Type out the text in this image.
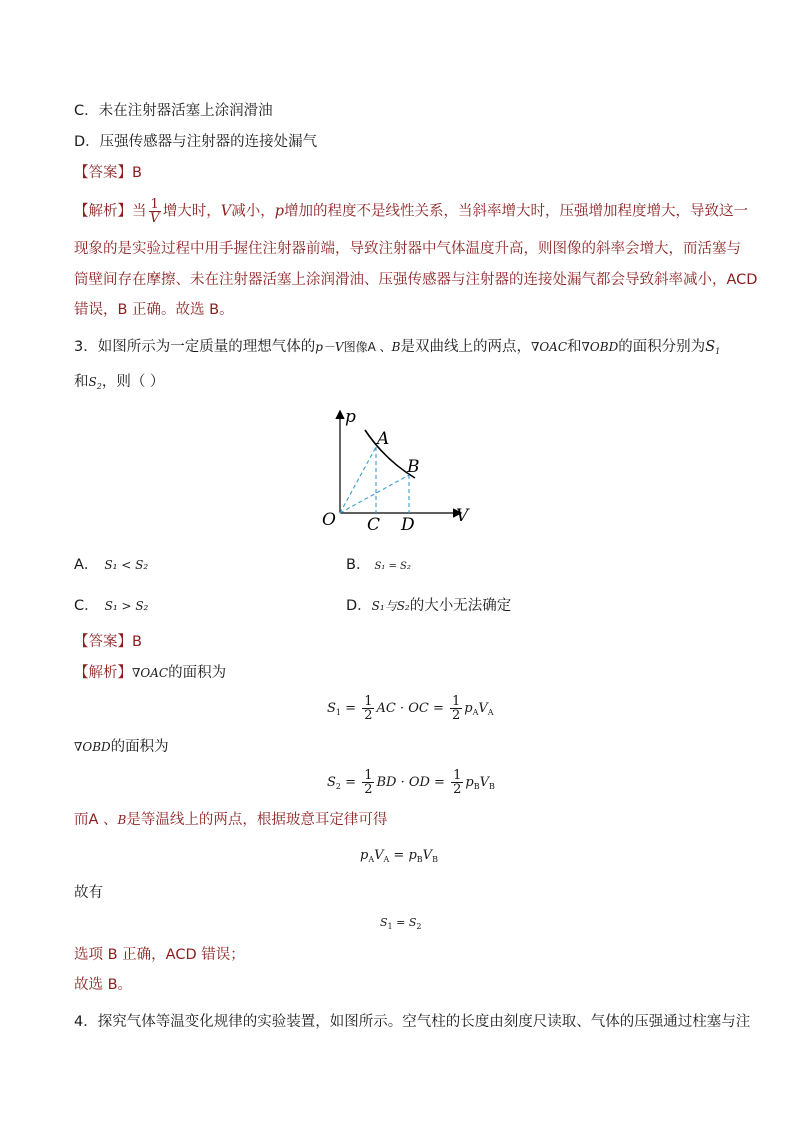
C．未在注射器活塞上涂润滑油
D．压强传感器与注射器的连接处漏气
【答案】B
【解析】当 $\frac{1}{V}$ 增大时，V减小，p增加的程度不是线性关系，当斜率增大时，压强增加程度增大，导致这一
现象的是实验过程中用手握住注射器前端，导致注射器中气体温度升高，则图像的斜率会增大，而活塞与
筒壁间存在摩擦、未在注射器活塞上涂润滑油、压强传感器与注射器的连接处漏气都会导致斜率减小，ACD
错误，B 正确。故选 B。
3．如图所示为一定质量的理想气体的p－V图像A 、B是双曲线上的两点，∇OAC和∇OBD的面积分别为$S_1$
和$S_2$，则（ ）
p
V
O
A
B
C D
A． S₁ < S₂	B． S₁ = S₂
C． S₁ > S₂	D．S₁与S₂的大小无法确定
【答案】B
【解析】∇OAC的面积为
$S_1 = \frac{1}{2}$ AC · OC = $\frac{1}{2} p_AV_A$
∇OBD的面积为
$S_2 = \frac{1}{2}$ BD · OD = $\frac{1}{2} p_BV_B$
而A 、B是等温线上的两点，根据玻意耳定律可得
$p_AV_A = p_BV_B$
故有
$S_1 = S_2$
选项 B 正确，ACD 错误；
故选 B。
4．探究气体等温变化规律的实验装置，如图所示。空气柱的长度由刻度尺读取、气体的压强通过柱塞与注
